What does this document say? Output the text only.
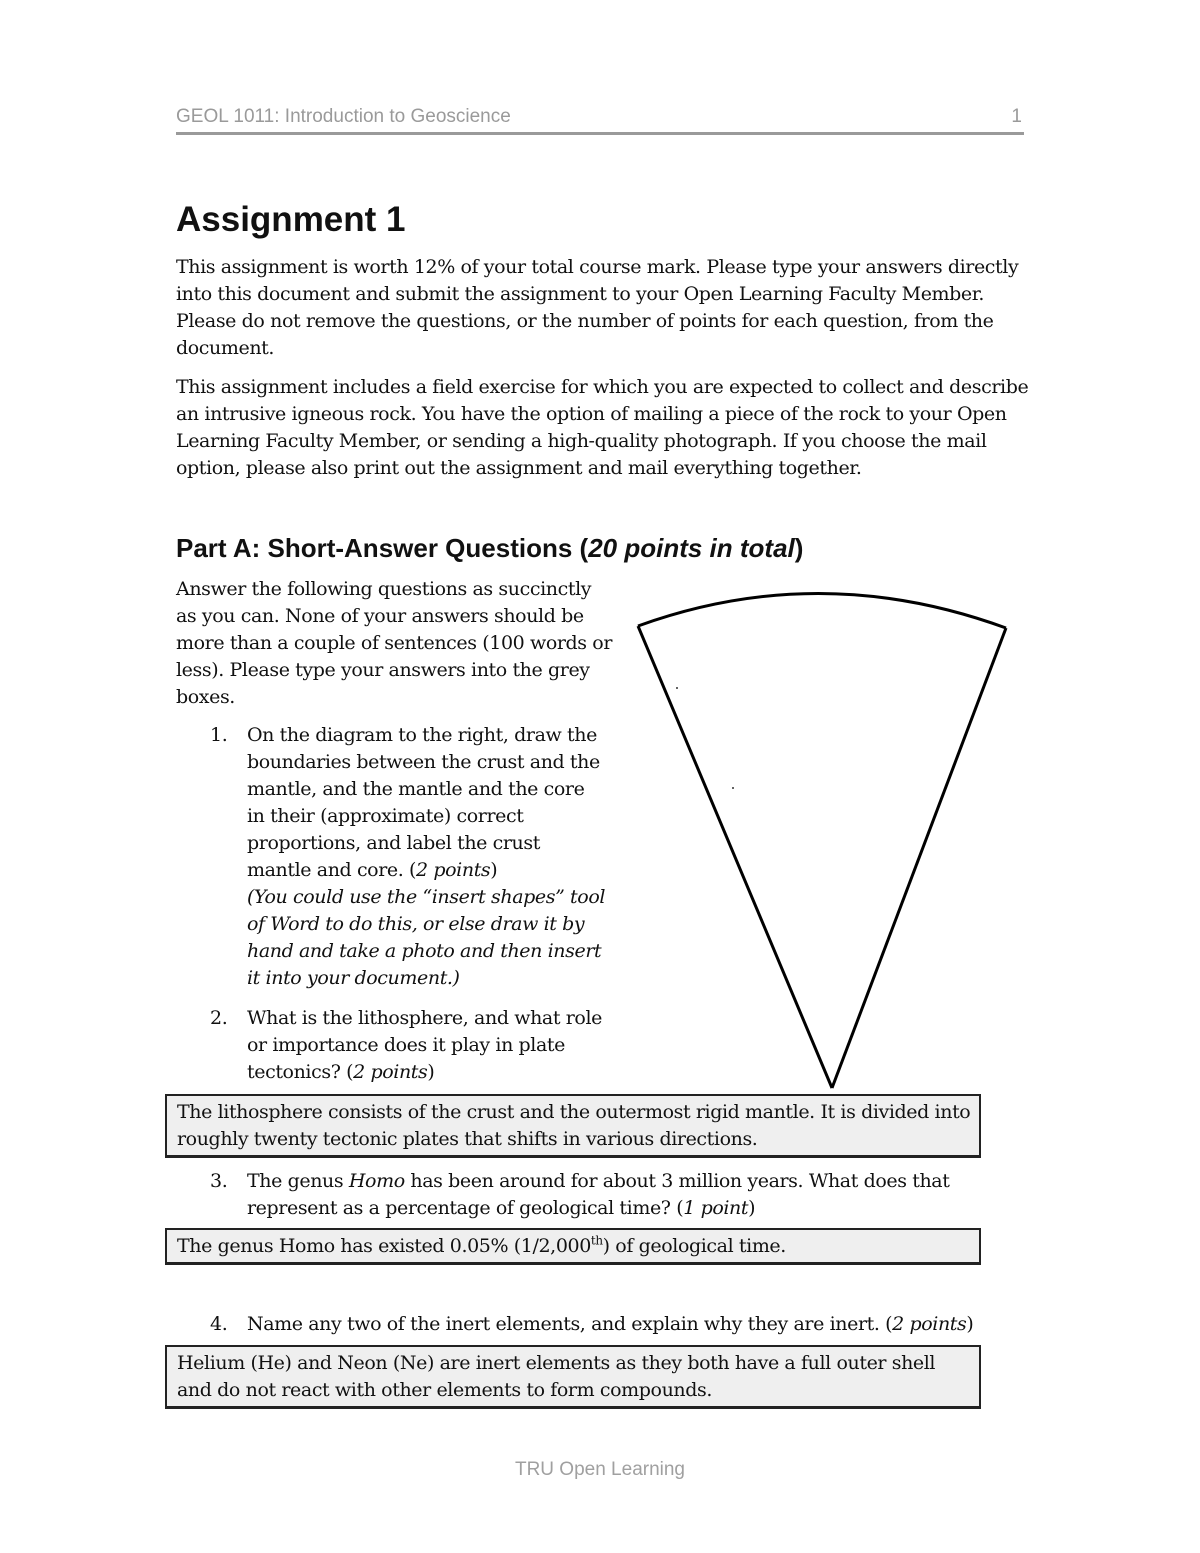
GEOL 1011: Introduction to Geoscience	1
Assignment 1

This assignment is worth 12% of your total course mark. Please type your answers directly into this document and submit the assignment to your Open Learning Faculty Member. Please do not remove the questions, or the number of points for each question, from the document.

This assignment includes a field exercise for which you are expected to collect and describe an intrusive igneous rock. You have the option of mailing a piece of the rock to your Open Learning Faculty Member, or sending a high-quality photograph. If you choose the mail option, please also print out the assignment and mail everything together.

Part A: Short-Answer Questions (20 points in total)

Answer the following questions as succinctly as you can. None of your answers should be more than a couple of sentences (100 words or less). Please type your answers into the grey boxes.

1.	On the diagram to the right, draw the boundaries between the crust and the mantle, and the mantle and the core in their (approximate) correct proportions, and label the crust mantle and core. (2 points)
(You could use the “insert shapes” tool of Word to do this, or else draw it by hand and take a photo and then insert it into your document.)
2.	What is the lithosphere, and what role or importance does it play in plate tectonics? (2 points)

The lithosphere consists of the crust and the outermost rigid mantle. It is divided into roughly twenty tectonic plates that shifts in various directions.

3.	The genus Homo has been around for about 3 million years. What does that represent as a percentage of geological time? (1 point)

The genus Homo has existed 0.05% (1/2,000th) of geological time.

4.	Name any two of the inert elements, and explain why they are inert. (2 points)

Helium (He) and Neon (Ne) are inert elements as they both have a full outer shell and do not react with other elements to form compounds.

TRU Open Learning
